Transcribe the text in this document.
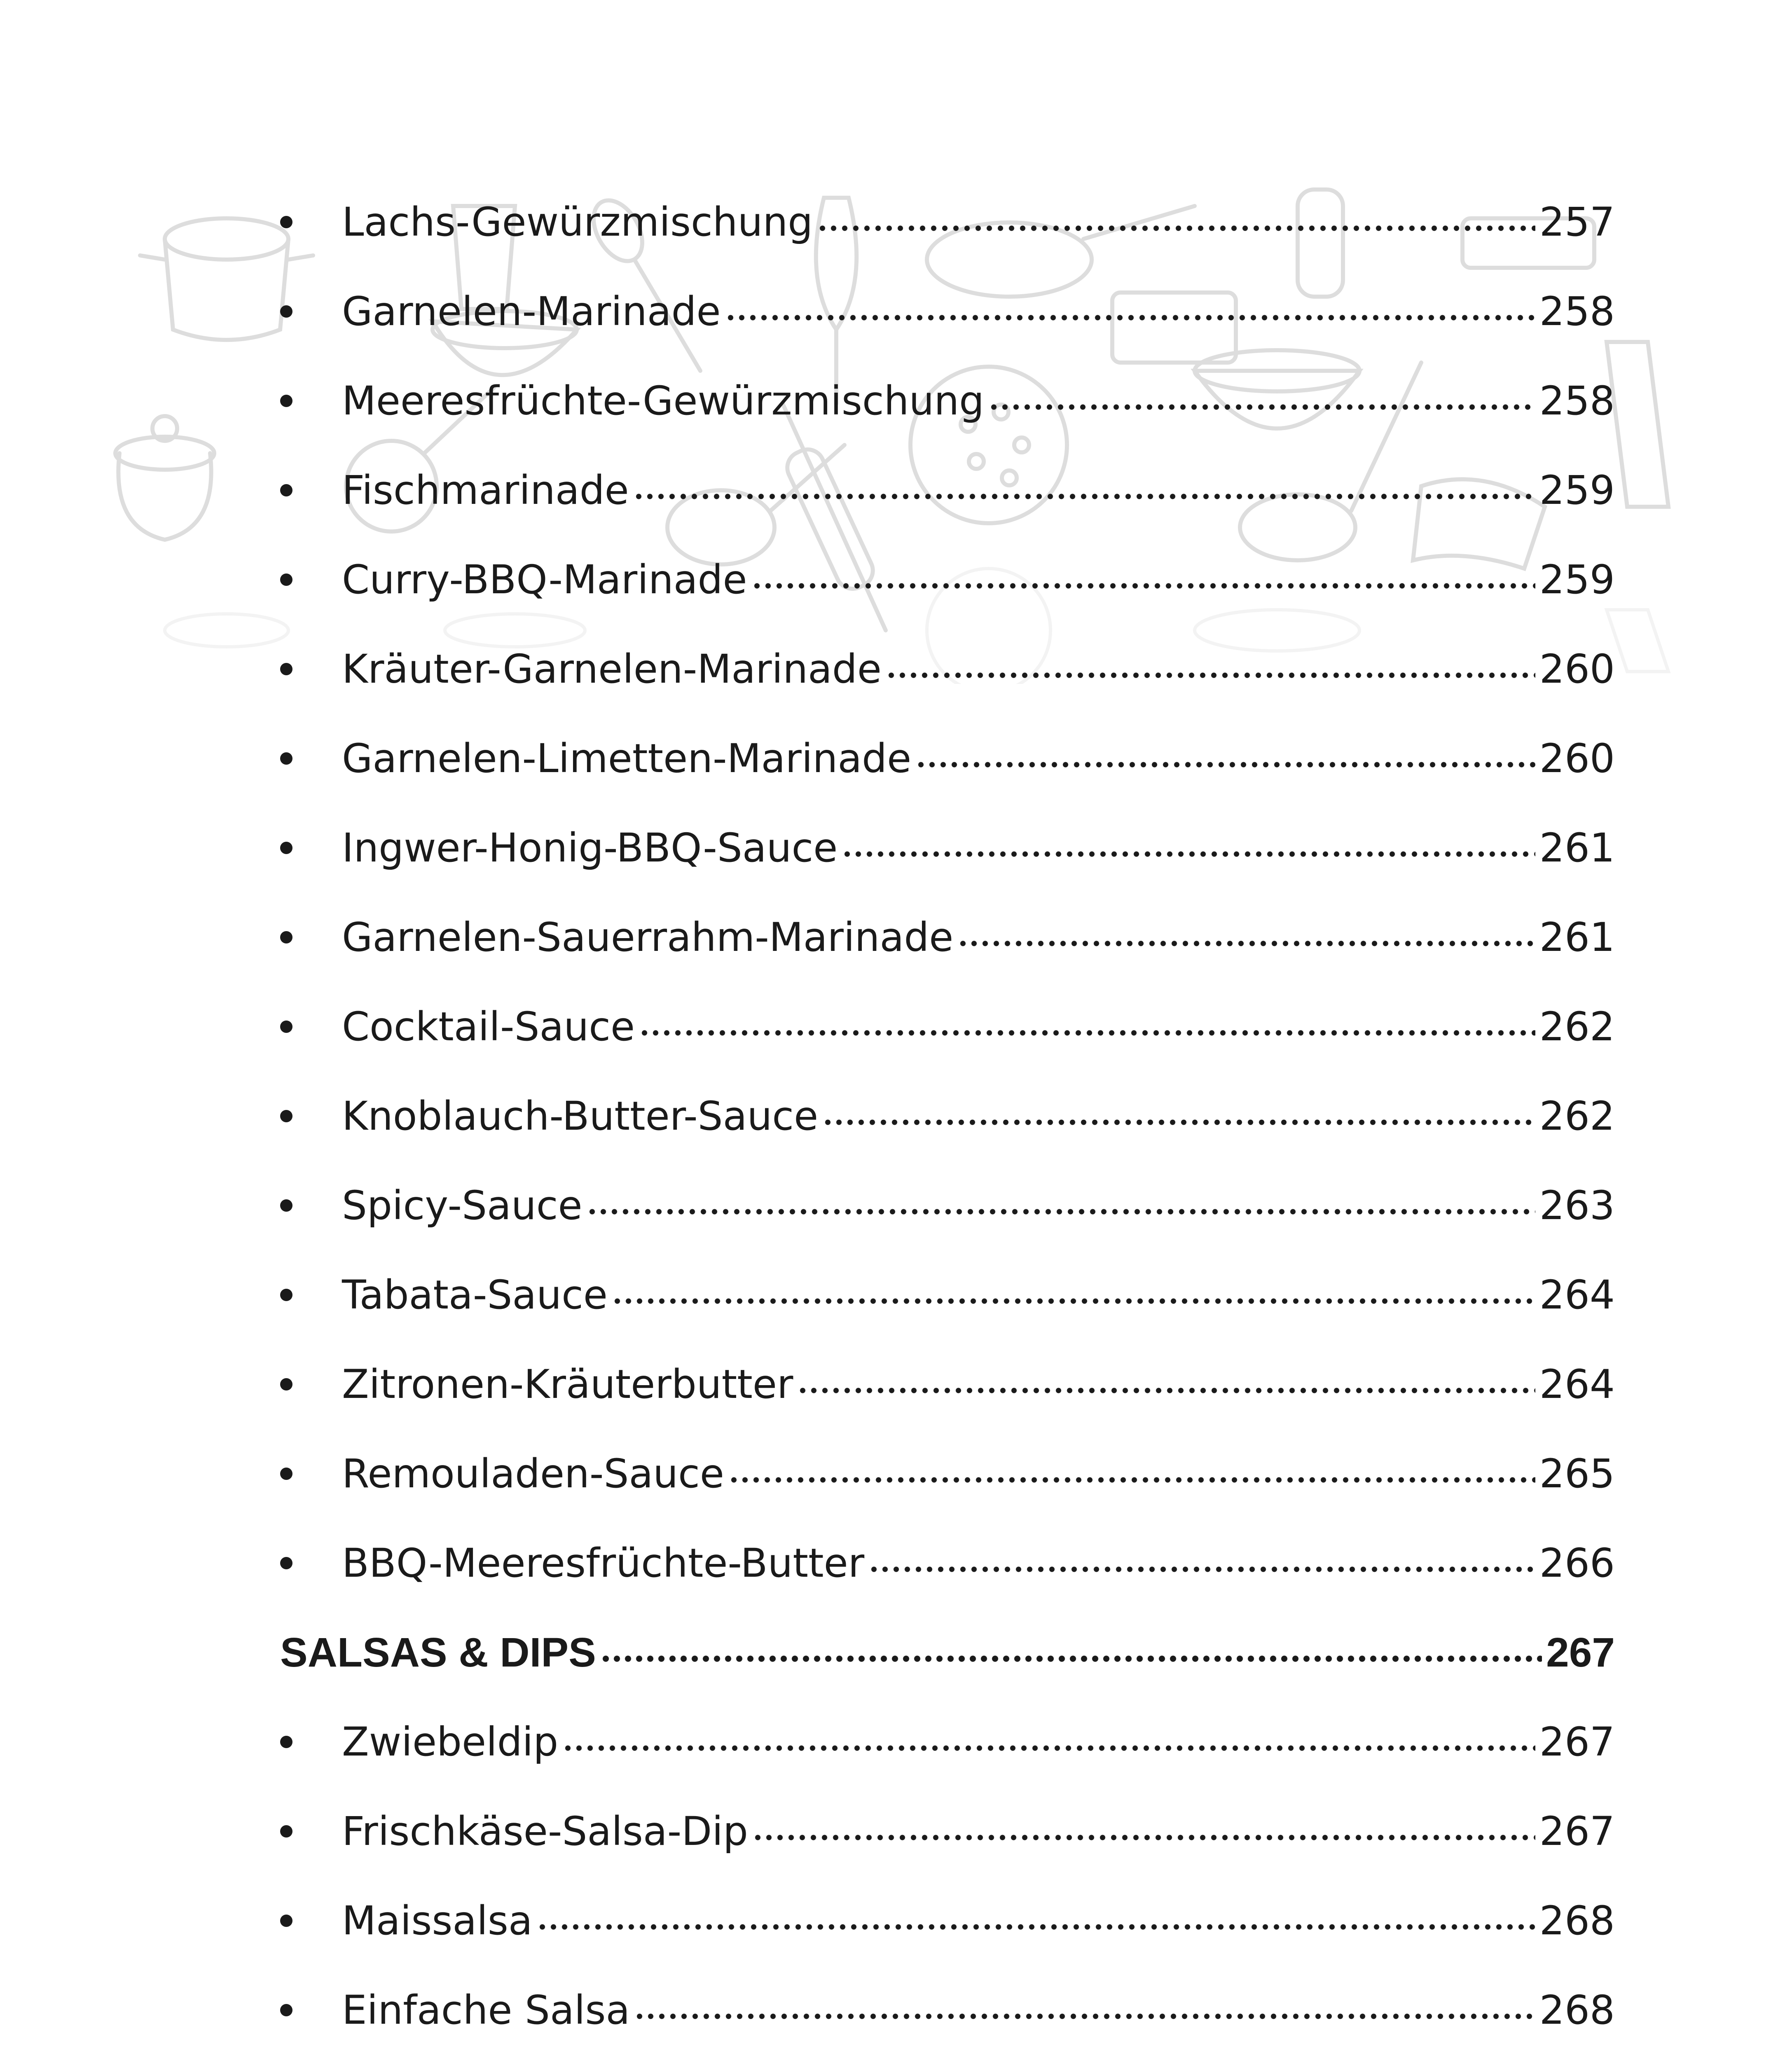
Lachs-Gewürzmischung	257
Garnelen-Marinade	258
Meeresfrüchte-Gewürzmischung	258
Fischmarinade	259
Curry-BBQ-Marinade	259
Kräuter-Garnelen-Marinade	260
Garnelen-Limetten-Marinade	260
Ingwer-Honig-BBQ-Sauce	261
Garnelen-Sauerrahm-Marinade	261
Cocktail-Sauce	262
Knoblauch-Butter-Sauce	262
Spicy-Sauce	263
Tabata-Sauce	264
Zitronen-Kräuterbutter	264
Remouladen-Sauce	265
BBQ-Meeresfrüchte-Butter	266
SALSAS & DIPS	267
Zwiebeldip	267
Frischkäse-Salsa-Dip	267
Maissalsa	268
Einfache Salsa	268
